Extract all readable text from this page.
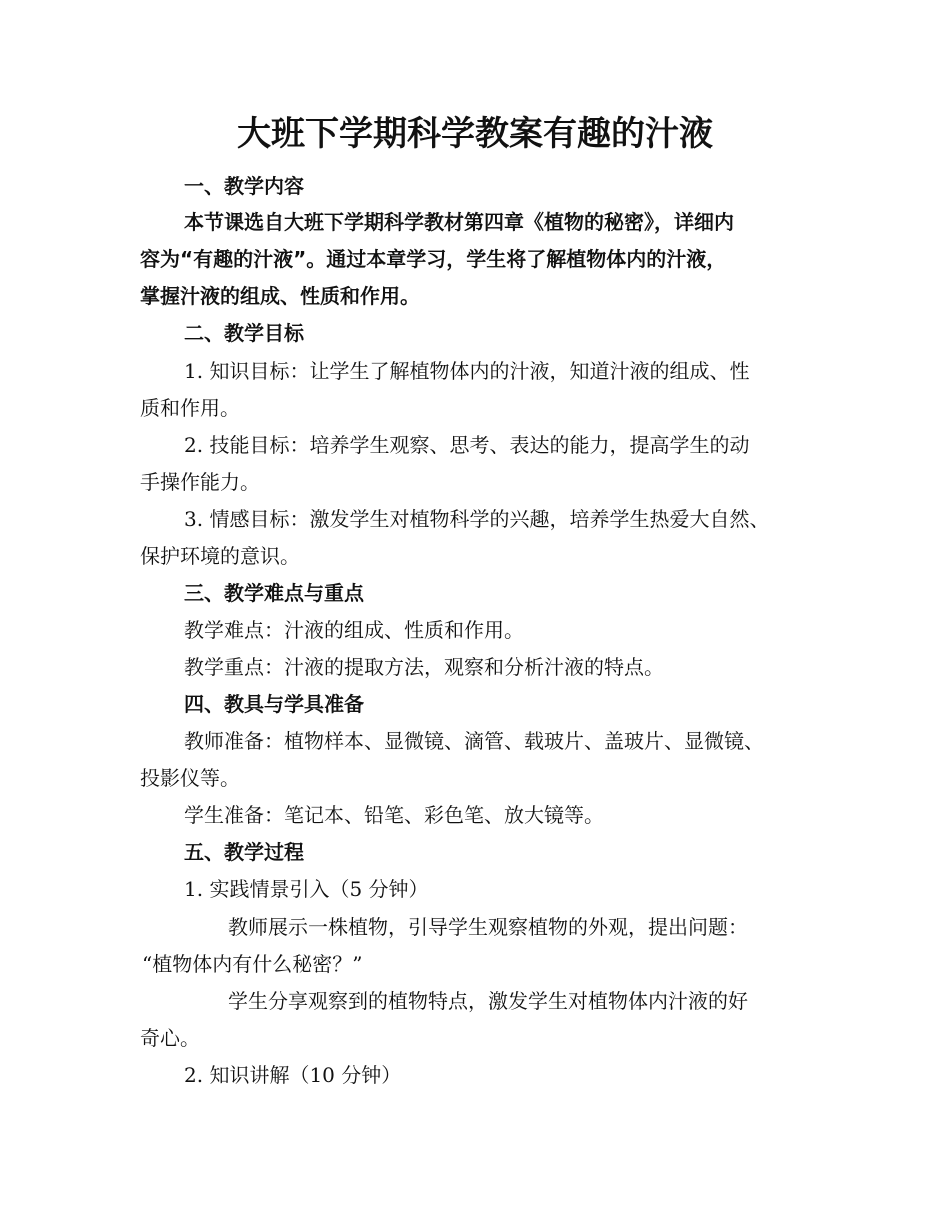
大班下学期科学教案有趣的汁液
一、教学内容
本节课选自大班下学期科学教材第四章《植物的秘密》，详细内
容为“有趣的汁液”。通过本章学习，学生将了解植物体内的汁液，
掌握汁液的组成、性质和作用。
二、教学目标
1. 知识目标：让学生了解植物体内的汁液，知道汁液的组成、性
质和作用。
2. 技能目标：培养学生观察、思考、表达的能力，提高学生的动
手操作能力。
3. 情感目标：激发学生对植物科学的兴趣，培养学生热爱大自然、
保护环境的意识。
三、教学难点与重点
教学难点：汁液的组成、性质和作用。
教学重点：汁液的提取方法，观察和分析汁液的特点。
四、教具与学具准备
教师准备：植物样本、显微镜、滴管、载玻片、盖玻片、显微镜、
投影仪等。
学生准备：笔记本、铅笔、彩色笔、放大镜等。
五、教学过程
1. 实践情景引入（5 分钟）
教师展示一株植物，引导学生观察植物的外观，提出问题：
“植物体内有什么秘密？”
学生分享观察到的植物特点，激发学生对植物体内汁液的好
奇心。
2. 知识讲解（10 分钟）
